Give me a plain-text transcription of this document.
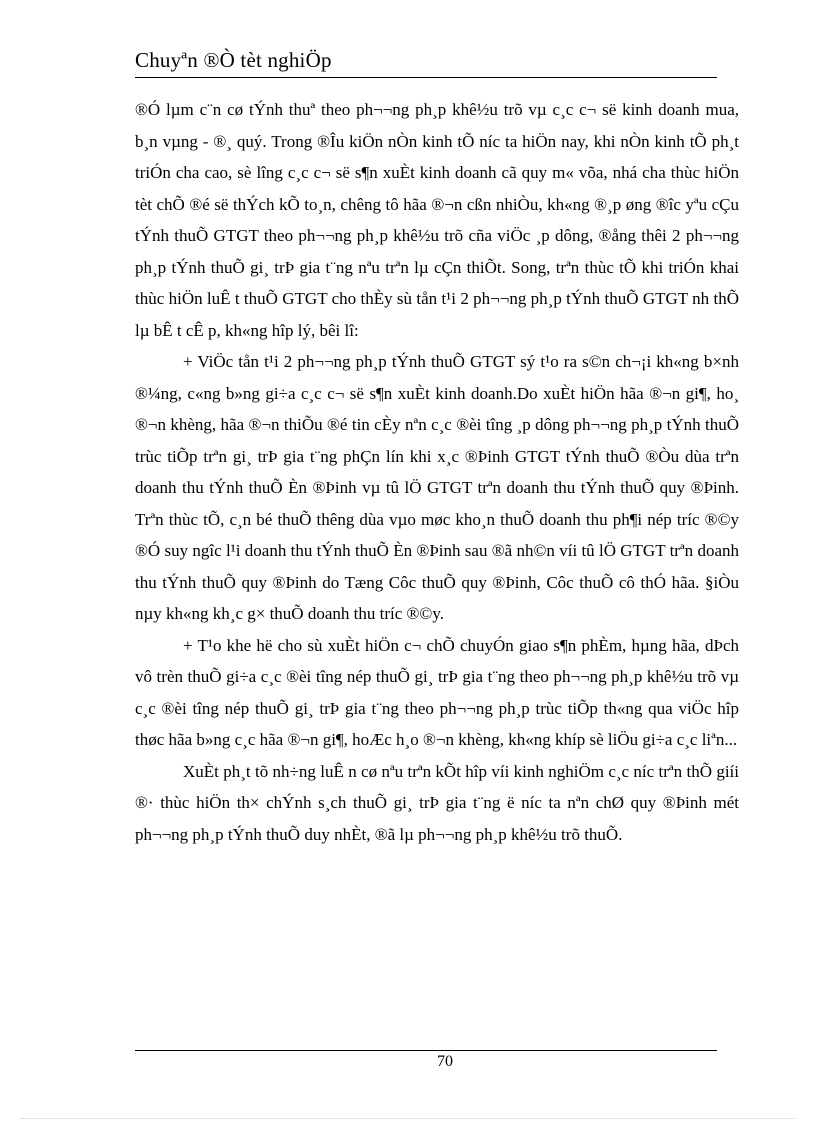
Chuyªn ®Ò tèt nghiÖp

®Ó lµm c¨n cø tÝnh thuª theo ph¬¬ng ph¸p khê½u trõ vµ c¸c c¬ së kinh doanh mua, b¸n vµng - ®¸ quý. Trong ®Îu kiÖn nÒn kinh tÕ níc ta hiÖn nay, khi nÒn kinh tÕ ph¸t triÓn cha cao, sè lîng c¸c c¬ së s¶n xuÈt kinh doanh cã quy m« võa, nhá cha thùc hiÖn tèt chÕ ®é së thÝch kÕ to¸n, chêng tô hãa ®¬n cßn nhiÒu, kh«ng ®¸p øng ®îc yªu cÇu tÝnh thuÕ GTGT theo ph¬¬ng ph¸p khê½u trõ cña viÖc ¸p dông, ®ång thêi 2 ph¬¬ng ph¸p tÝnh thuÕ gi¸ trÞ gia t¨ng nªu trªn lµ cÇn thiÕt. Song, trªn thùc tÕ khi triÓn khai thùc hiÖn luÊ t thuÕ GTGT cho thÈy sù tån t¹i 2 ph¬¬ng ph¸p tÝnh thuÕ GTGT nh thÕ lµ bÊ t cÊ p, kh«ng hîp lý, bêi lî:

+ ViÖc tån t¹i 2 ph¬¬ng ph¸p tÝnh thuÕ GTGT sý t¹o ra s©n ch¬¡i kh«ng b×nh ®¼ng, c«ng b»ng gi÷a c¸c c¬ së s¶n xuÈt kinh doanh.Do xuÈt hiÖn hãa ®¬n gi¶, ho¸ ®¬n khèng, hãa ®¬n thiÕu ®é tin cÈy nªn c¸c ®èi tîng ¸p dông ph¬¬ng ph¸p tÝnh thuÕ trùc tiÕp trªn gi¸ trÞ gia t¨ng phÇn lín khi x¸c ®Þinh GTGT tÝnh thuÕ ®Òu dùa trªn doanh thu tÝnh thuÕ Èn ®Þinh vµ tû lÖ GTGT trªn doanh thu tÝnh thuÕ quy ®Þinh. Trªn thùc tÕ, c¸n bé thuÕ thêng dùa vµo møc kho¸n thuÕ doanh thu ph¶i nép tríc ®©y ®Ó suy ngîc l¹i doanh thu tÝnh thuÕ Èn ®Þinh sau ®ã nh©n víi tû lÖ GTGT trªn doanh thu tÝnh thuÕ quy ®Þinh do Tæng Côc thuÕ quy ®Þinh, Côc thuÕ cô thÓ hãa. §iÒu nµy kh«ng kh¸c g× thuÕ doanh thu tríc ®©y.

+ T¹o khe hë cho sù xuÈt hiÖn c¬ chÕ chuyÓn giao s¶n phÈm, hµng hãa, dÞch vô trèn thuÕ gi÷a c¸c ®èi tîng nép thuÕ gi¸ trÞ gia t¨ng theo ph¬¬ng ph¸p khê½u trõ vµ c¸c ®èi tîng nép thuÕ gi¸ trÞ gia t¨ng theo ph¬¬ng ph¸p trùc tiÕp th«ng qua viÖc hîp thøc hãa b»ng c¸c hãa ®¬n gi¶, hoÆc h¸o ®¬n khèng, kh«ng khíp sè liÖu gi÷a c¸c liªn...

XuÈt ph¸t tõ nh÷ng luÊ n cø nªu trªn kÕt hîp víi kinh nghiÖm c¸c níc trªn thÕ giíi ®· thùc hiÖn th× chÝnh s¸ch thuÕ gi¸ trÞ gia t¨ng ë níc ta nªn chØ quy ®Þinh mét ph¬¬ng ph¸p tÝnh thuÕ duy nhÈt, ®ã lµ ph¬¬ng ph¸p khê½u trõ thuÕ.

70
